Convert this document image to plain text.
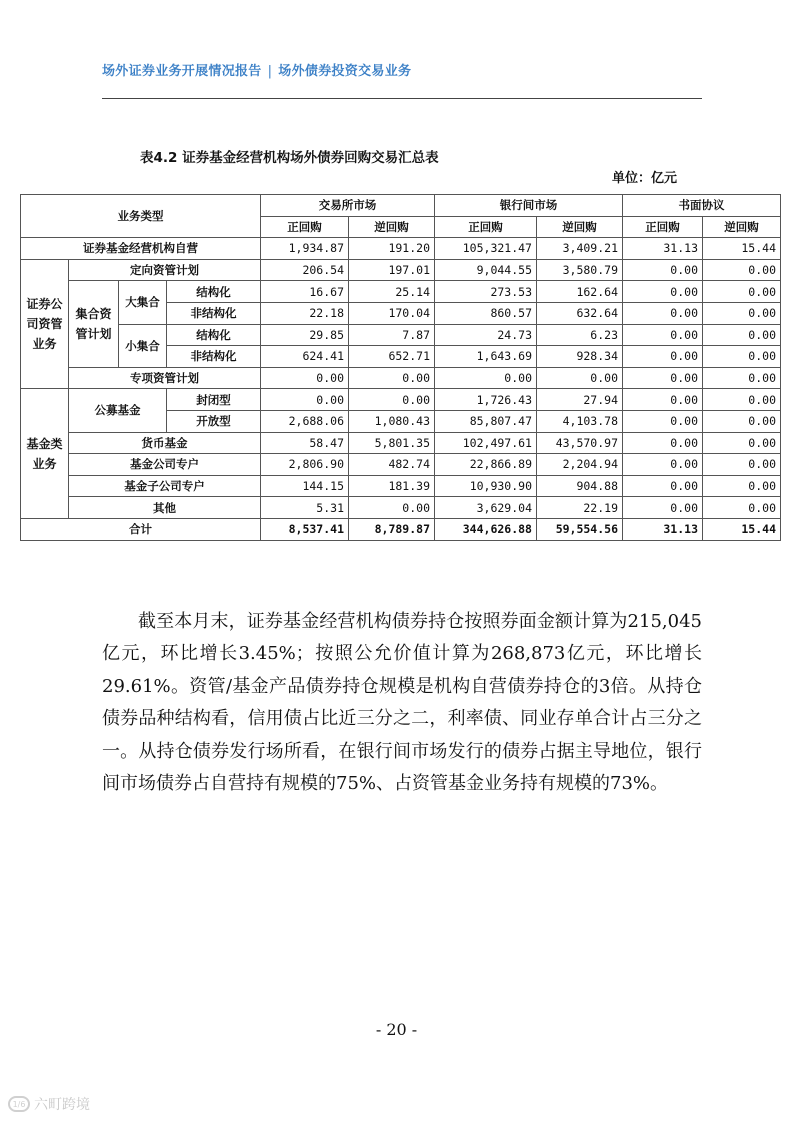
场外证券业务开展情况报告 | 场外债券投资交易业务
表4.2 证券基金经营机构场外债券回购交易汇总表
单位：亿元
业务类型				交易所市场		银行间市场		书面协议	
				正回购	逆回购	正回购	逆回购	正回购	逆回购
证券基金经营机构自营				1,934.87	191.20	105,321.47	3,409.21	31.13	15.44
证券公司资管业务	定向资管计划			206.54	197.01	9,044.55	3,580.79	0.00	0.00
	集合资管计划	大集合	结构化	16.67	25.14	273.53	162.64	0.00	0.00
			非结构化	22.18	170.04	860.57	632.64	0.00	0.00
		小集合	结构化	29.85	7.87	24.73	6.23	0.00	0.00
			非结构化	624.41	652.71	1,643.69	928.34	0.00	0.00
	专项资管计划			0.00	0.00	0.00	0.00	0.00	0.00
基金类业务	公募基金		封闭型	0.00	0.00	1,726.43	27.94	0.00	0.00
			开放型	2,688.06	1,080.43	85,807.47	4,103.78	0.00	0.00
	货币基金			58.47	5,801.35	102,497.61	43,570.97	0.00	0.00
	基金公司专户			2,806.90	482.74	22,866.89	2,204.94	0.00	0.00
	基金子公司专户			144.15	181.39	10,930.90	904.88	0.00	0.00
	其他			5.31	0.00	3,629.04	22.19	0.00	0.00
合计				8,537.41	8,789.87	344,626.88	59,554.56	31.13	15.44
截至本月末，证券基金经营机构债券持仓按照券面金额计算为215,045亿元，环比增长3.45%；按照公允价值计算为268,873亿元，环比增长 29.61%。资管/基金产品债券持仓规模是机构自营债券持仓的3倍。从持仓债券品种结构看，信用债占比近三分之二，利率债、同业存单合计占三分之一。从持仓债券发行场所看，在银行间市场发行的债券占据主导地位，银行间市场债券占自营持有规模的75%、占资管基金业务持有规模的73%。
- 20 -
1/6 六町跨境
